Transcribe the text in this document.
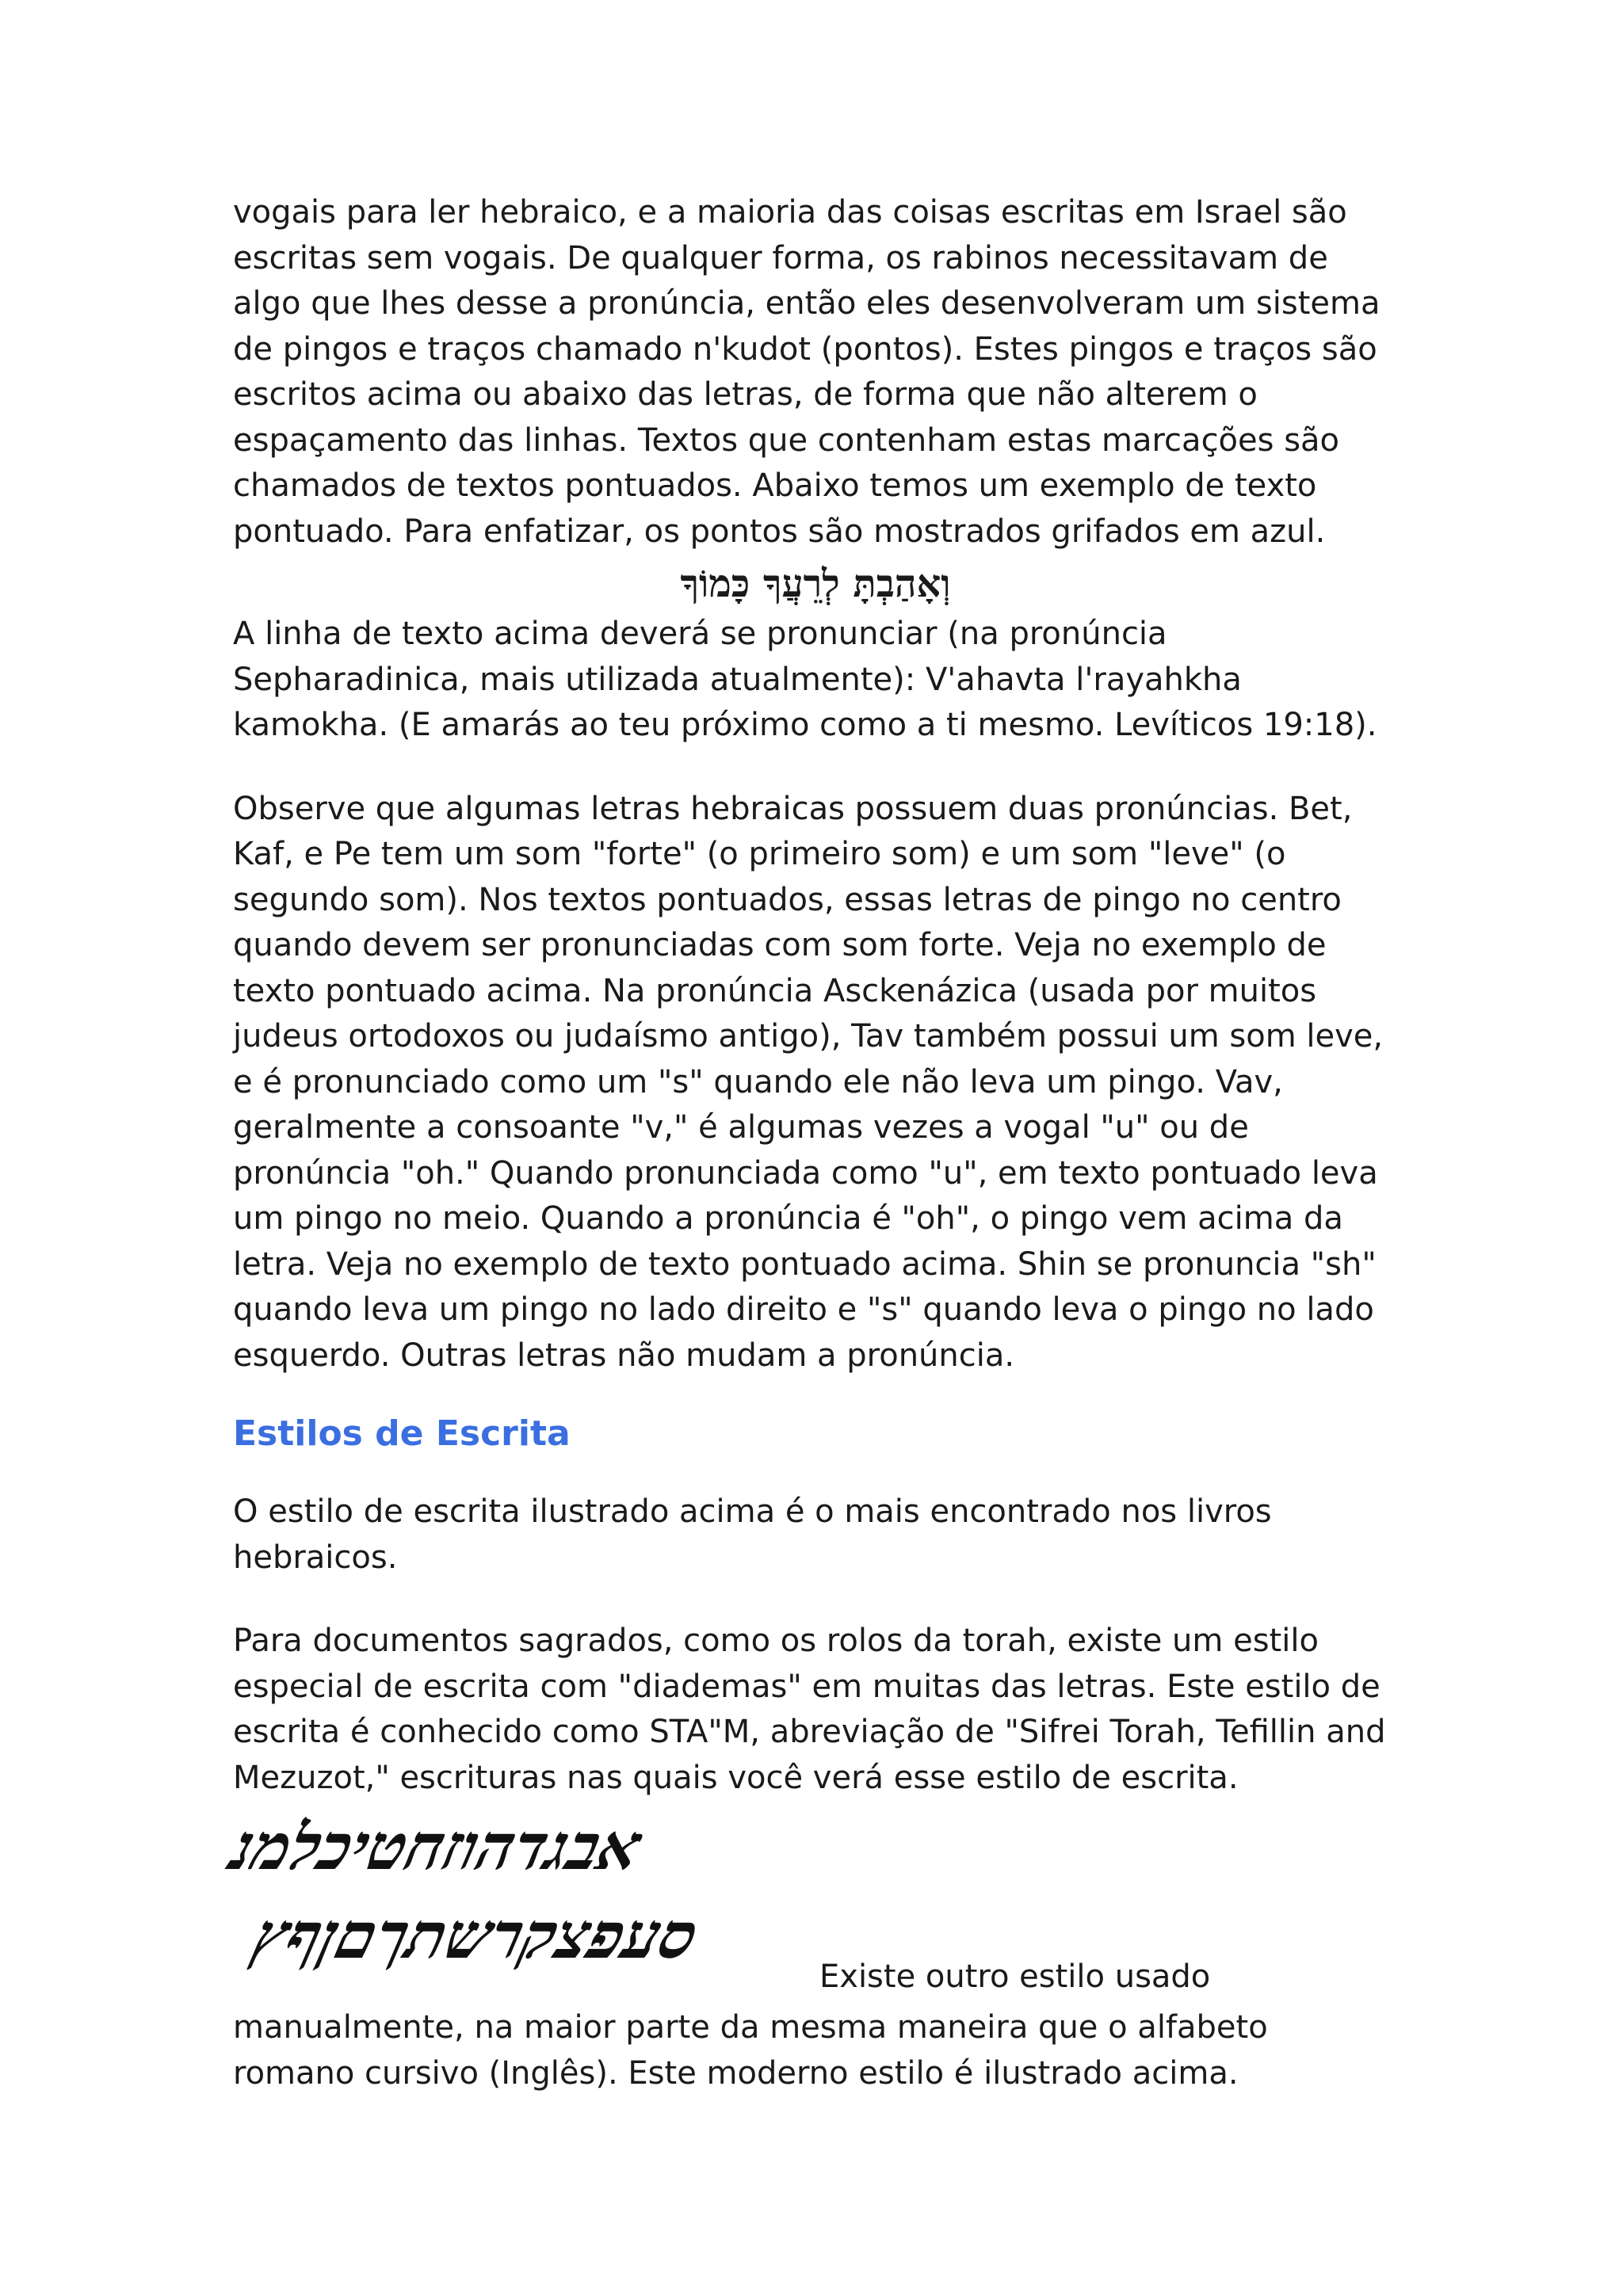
vogais para ler hebraico, e a maioria das coisas escritas em Israel são escritas sem vogais. De qualquer forma, os rabinos necessitavam de algo que lhes desse a pronúncia, então eles desenvolveram um sistema de pingos e traços chamado n'kudot (pontos). Estes pingos e traços são escritos acima ou abaixo das letras, de forma que não alterem o espaçamento das linhas. Textos que contenham estas marcações são chamados de textos pontuados. Abaixo temos um exemplo de texto pontuado. Para enfatizar, os pontos são mostrados grifados em azul.

וְאָהַבְתָּ לְרֵעֲךָ כָּמוֹךָ

A linha de texto acima deverá se pronunciar (na pronúncia Sepharadinica, mais utilizada atualmente): V'ahavta l'rayahkha kamokha. (E amarás ao teu próximo como a ti mesmo. Levíticos 19:18).

Observe que algumas letras hebraicas possuem duas pronúncias. Bet, Kaf, e Pe tem um som "forte" (o primeiro som) e um som "leve" (o segundo som). Nos textos pontuados, essas letras de pingo no centro quando devem ser pronunciadas com som forte. Veja no exemplo de texto pontuado acima. Na pronúncia Asckenázica (usada por muitos judeus ortodoxos ou judaísmo antigo), Tav também possui um som leve, e é pronunciado como um "s" quando ele não leva um pingo. Vav, geralmente a consoante "v," é algumas vezes a vogal "u" ou de pronúncia "oh." Quando pronunciada como "u", em texto pontuado leva um pingo no meio. Quando a pronúncia é "oh", o pingo vem acima da letra. Veja no exemplo de texto pontuado acima. Shin se pronuncia "sh" quando leva um pingo no lado direito e "s" quando leva o pingo no lado esquerdo. Outras letras não mudam a pronúncia.

Estilos de Escrita

O estilo de escrita ilustrado acima é o mais encontrado nos livros hebraicos.

Para documentos sagrados, como os rolos da torah, existe um estilo especial de escrita com "diademas" em muitas das letras. Este estilo de escrita é conhecido como STA"M, abreviação de "Sifrei Torah, Tefillin and Mezuzot," escrituras nas quais você verá esse estilo de escrita.

אבגדהוזחטיכלמנ
סעפצקרשתךםןףץ
Existe outro estilo usado

manualmente, na maior parte da mesma maneira que o alfabeto romano cursivo (Inglês). Este moderno estilo é ilustrado acima.
